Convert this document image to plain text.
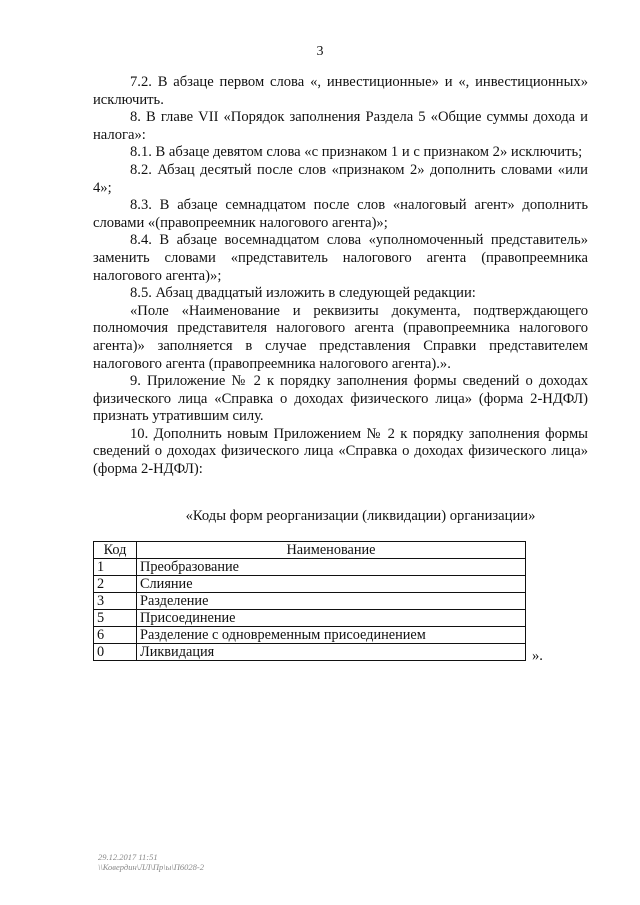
3

7.2. В абзаце первом слова «, инвестиционные» и «, инвестиционных» исключить.

8. В главе VII «Порядок заполнения Раздела 5 «Общие суммы дохода и налога»:

8.1. В абзаце девятом слова «с признаком 1 и с признаком 2» исключить;

8.2. Абзац десятый после слов «признаком 2» дополнить словами «или 4»;

8.3. В абзаце семнадцатом после слов «налоговый агент» дополнить словами «(правопреемник налогового агента)»;

8.4. В абзаце восемнадцатом слова «уполномоченный представитель» заменить словами «представитель налогового агента (правопреемника налогового агента)»;

8.5. Абзац двадцатый изложить в следующей редакции:

«Поле «Наименование и реквизиты документа, подтверждающего полномочия представителя налогового агента (правопреемника налогового агента)» заполняется в случае представления Справки представителем налогового агента (правопреемника налогового агента).».

9. Приложение № 2 к порядку заполнения формы сведений о доходах физического лица «Справка о доходах физического лица» (форма 2-НДФЛ) признать утратившим силу.

10. Дополнить новым Приложением № 2 к порядку заполнения формы сведений о доходах физического лица «Справка о доходах физического лица» (форма 2-НДФЛ):

«Коды форм реорганизации (ликвидации) организации»
Код	Наименование
1	Преобразование
2	Слияние
3	Разделение
5	Присоединение
6	Разделение с одновременным присоединением
0	Ликвидация	».
29.12.2017 11:51
\\Ковердин\ЛЛ\Пр\ы\П6028-2
